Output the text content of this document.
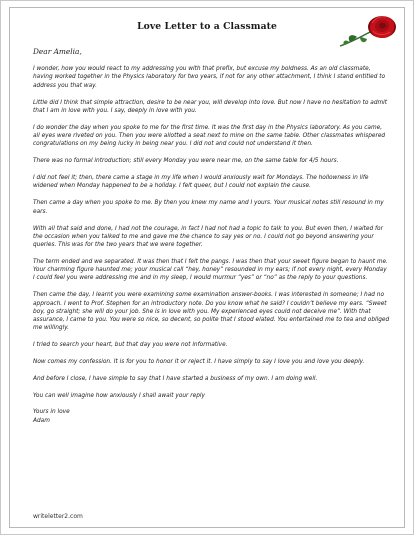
Love Letter to a Classmate
Dear Amelia,

I wonder, how you would react to my addressing you with that prefix, but excuse my boldness. As an old classmate, having worked together in the Physics laboratory for two years, if not for any other attachment, I think I stand entitled to address you that way.

Little did I think that simple attraction, desire to be near you, will develop into love. But now I have no hesitation to admit that I am in love with you. I say, deeply in love with you.

I do wonder the day when you spoke to me for the first time. It was the first day in the Physics laboratory. As you came, all eyes were riveted on you. Then you were allotted a seat next to mine on the same table. Other classmates whispered congratulations on my being lucky in being near you. I did not and could not understand it then.

There was no formal introduction; still every Monday you were near me, on the same table for 4/5 hours.

I did not feel it; then, there came a stage in my life when I would anxiously wait for Mondays. The hollowness in life widened when Monday happened to be a holiday. I felt queer, but I could not explain the cause.

Then came a day when you spoke to me. By then you knew my name and I yours. Your musical notes still resound in my ears.

With all that said and done, I had not the courage, in fact I had not had a topic to talk to you. But even then, I waited for the occasion when you talked to me and gave me the chance to say yes or no. I could not go beyond answering your queries. This was for the two years that we were together.

The term ended and we separated. It was then that I felt the pangs. I was then that your sweet figure began to haunt me. Your charming figure haunted me; your musical call “hey, honey” resounded in my ears; if not every night, every Monday I could feel you were addressing me and in my sleep, I would murmur “yes” or “no” as the reply to your questions.

Then came the day, I learnt you were examining some examination answer-books. I was interested in someone; I had no approach. I went to Prof. Stephen for an introductory note. Do you know what he said? I couldn’t believe my ears. “Sweet boy, go straight; she will do your job. She is in love with you. My experienced eyes could not deceive me”. With that assurance, I came to you. You were so nice, so decent, so polite that I stood elated. You entertained me to tea and obliged me willingly.

I tried to search your heart, but that day you were not informative.

Now comes my confession. It is for you to honor it or reject it. I have simply to say I love you and love you deeply.

And before I close, I have simple to say that I have started a business of my own. I am doing well.

You can well imagine how anxiously I shall await your reply

Yours in love

Adam

writeletter2.com
